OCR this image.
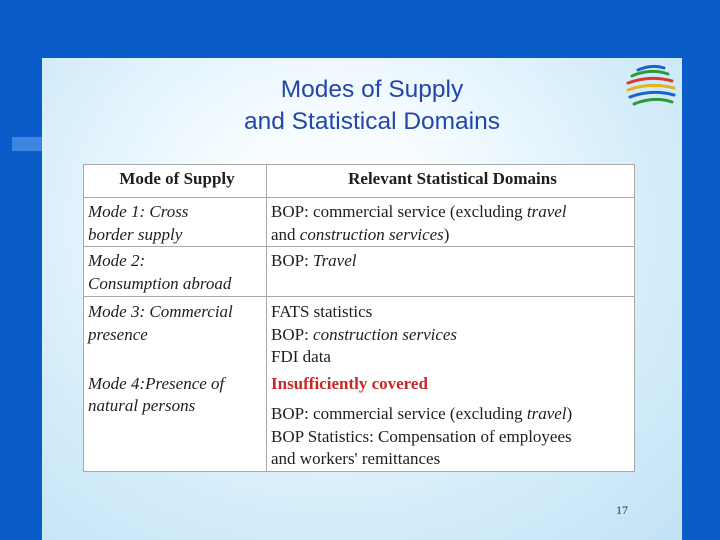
Modes of Supply
and Statistical Domains
Mode of Supply	Relevant Statistical Domains

Mode 1: Cross
border supply	BOP: commercial service (excluding travel
and construction services)

Mode 2:
Consumption abroad	BOP: Travel

Mode 3: Commercial
presence	FATS statistics
BOP: construction services
FDI data

Mode 4:Presence of
natural persons	Insufficiently covered
BOP: commercial service (excluding travel)
BOP Statistics: Compensation of employees
and workers' remittances
17
